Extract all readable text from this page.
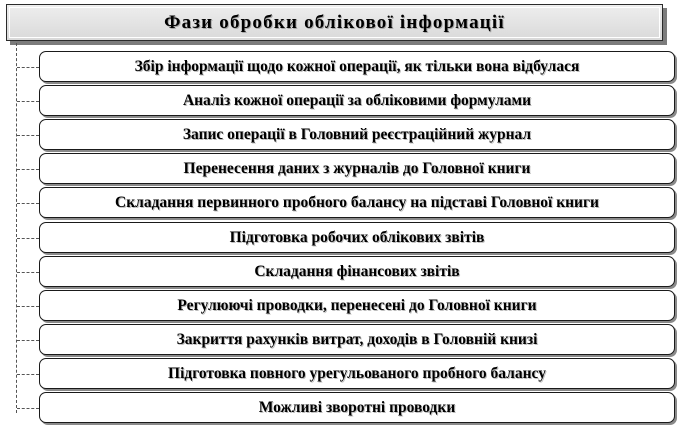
Фази обробки облікової інформації
Збір інформації щодо кожної операції, як тільки вона відбулася
Аналіз кожної операції за обліковими формулами
Запис операції в Головний реєстраційний журнал
Перенесення даних з журналів до Головної книги
Складання первинного пробного балансу на підставі Головної книги
Підготовка робочих облікових звітів
Складання фінансових звітів
Регулюючі проводки, перенесені до Головної книги
Закриття рахунків витрат, доходів в Головній книзі
Підготовка повного урегульованого пробного балансу
Можливі зворотні проводки
